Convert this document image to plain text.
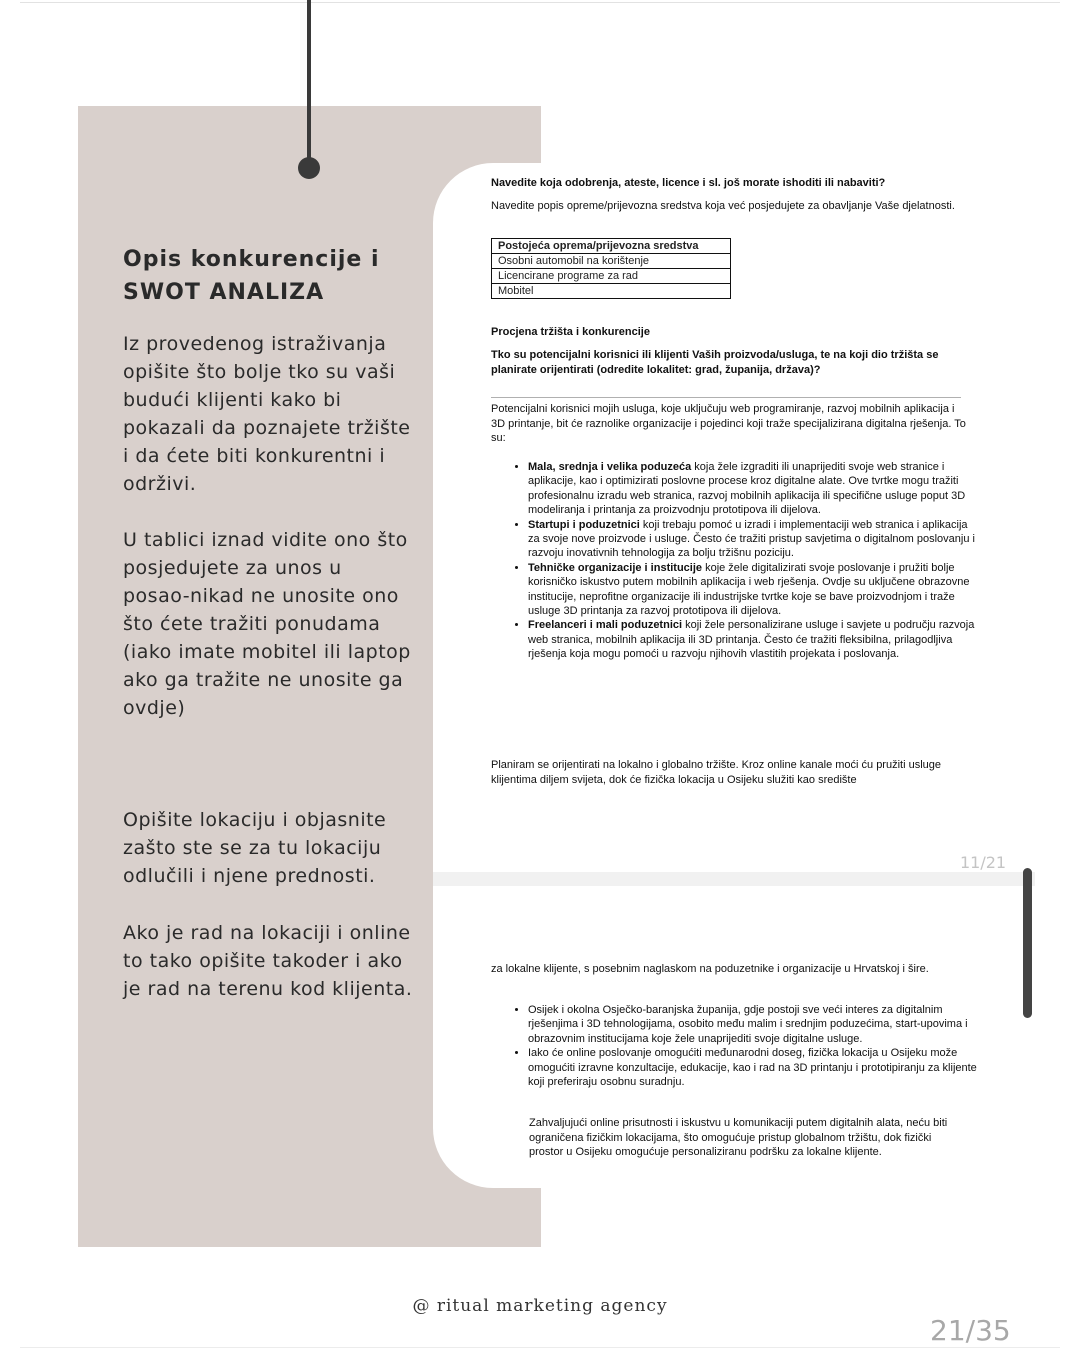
Opis konkurencije i
SWOT ANALIZA

Iz provedenog istraživanja opišite što bolje tko su vaši budući klijenti kako bi pokazali da poznajete tržište i da ćete biti konkurentni i održivi.

U tablici iznad vidite ono što posjedujete za unos u posao-nikad ne unosite ono što ćete tražiti ponudama (iako imate mobitel ili laptop ako ga tražite ne unosite ga ovdje)

Opišite lokaciju i objasnite zašto ste se za tu lokaciju odlučili i njene prednosti.

Ako je rad na lokaciji i online to tako opišite takoder i ako je rad na terenu kod klijenta.

Navedite koja odobrenja, ateste, licence i sl. još morate ishoditi ili nabaviti?

Navedite popis opreme/prijevozna sredstva koja već posjedujete za obavljanje Vaše djelatnosti.

Postojeća oprema/prijevozna sredstva
Osobni automobil na korištenje
Licencirane programe za rad
Mobitel

Procjena tržišta i konkurencije

Tko su potencijalni korisnici ili klijenti Vaših proizvoda/usluga, te na koji dio tržišta se planirate orijentirati (odredite lokalitet: grad, županija, država)?

Potencijalni korisnici mojih usluga, koje uključuju web programiranje, razvoj mobilnih aplikacija i 3D printanje, bit će raznolike organizacije i pojedinci koji traže specijalizirana digitalna rješenja. To su:

• Mala, srednja i velika poduzeća koja žele izgraditi ili unaprijediti svoje web stranice i aplikacije, kao i optimizirati poslovne procese kroz digitalne alate. Ove tvrtke mogu tražiti profesionalnu izradu web stranica, razvoj mobilnih aplikacija ili specifične usluge poput 3D modeliranja i printanja za proizvodnju prototipova ili dijelova.
• Startupi i poduzetnici koji trebaju pomoć u izradi i implementaciji web stranica i aplikacija za svoje nove proizvode i usluge. Često će tražiti pristup savjetima o digitalnom poslovanju i razvoju inovativnih tehnologija za bolju tržišnu poziciju.
• Tehničke organizacije i institucije koje žele digitalizirati svoje poslovanje i pružiti bolje korisničko iskustvo putem mobilnih aplikacija i web rješenja. Ovdje su uključene obrazovne institucije, neprofitne organizacije ili industrijske tvrtke koje se bave proizvodnjom i traže usluge 3D printanja za razvoj prototipova ili dijelova.
• Freelanceri i mali poduzetnici koji žele personalizirane usluge i savjete u području razvoja web stranica, mobilnih aplikacija ili 3D printanja. Često će tražiti fleksibilna, prilagodljiva rješenja koja mogu pomoći u razvoju njihovih vlastitih projekata i poslovanja.

Planiram se orijentirati na lokalno i globalno tržište. Kroz online kanale moći ću pružiti usluge klijentima diljem svijeta, dok će fizička lokacija u Osijeku služiti kao središte

11/21

za lokalne klijente, s posebnim naglaskom na poduzetnike i organizacije u Hrvatskoj i šire.

• Osijek i okolna Osječko-baranjska županija, gdje postoji sve veći interes za digitalnim rješenjima i 3D tehnologijama, osobito među malim i srednjim poduzećima, start-upovima i obrazovnim institucijama koje žele unaprijediti svoje digitalne usluge.
• Iako će online poslovanje omogućiti međunarodni doseg, fizička lokacija u Osijeku može omogućiti izravne konzultacije, edukacije, kao i rad na 3D printanju i prototipiranju za klijente koji preferiraju osobnu suradnju.

Zahvaljujući online prisutnosti i iskustvu u komunikaciji putem digitalnih alata, neću biti ograničena fizičkim lokacijama, što omogućuje pristup globalnom tržištu, dok fizički prostor u Osijeku omogućuje personaliziranu podršku za lokalne klijente.

@ ritual marketing agency
21/35
